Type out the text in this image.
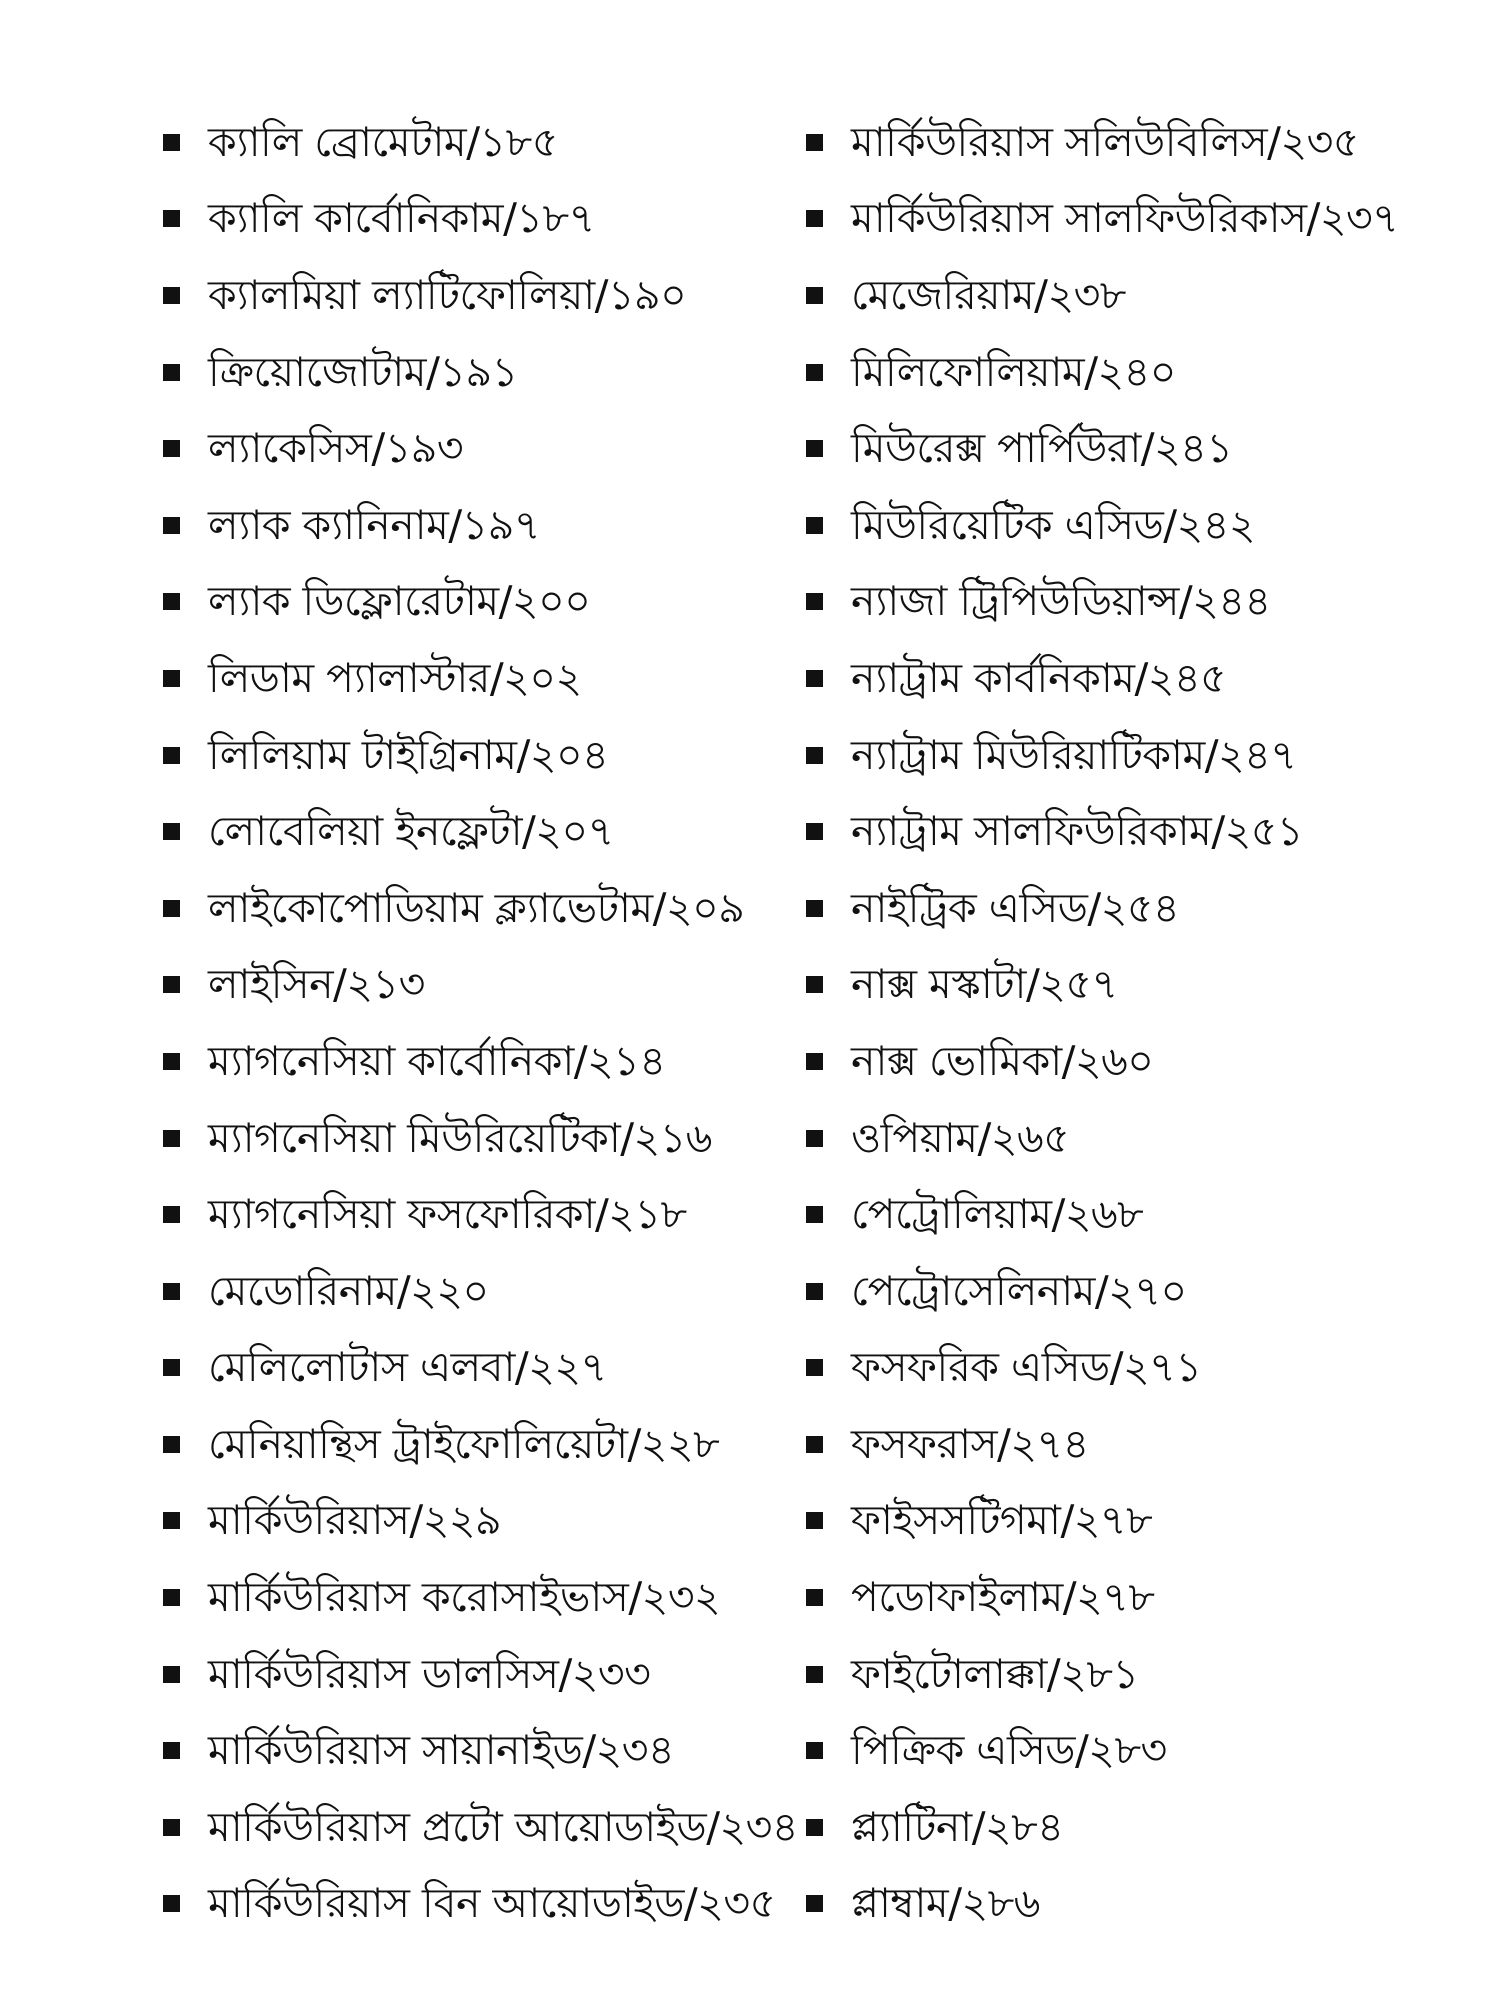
ক্যালি ব্রোমেটাম/১৮৫
ক্যালি কার্বোনিকাম/১৮৭
ক্যালমিয়া ল্যাটিফোলিয়া/১৯০
ক্রিয়োজোটাম/১৯১
ল্যাকেসিস/১৯৩
ল্যাক ক্যানিনাম/১৯৭
ল্যাক ডিফ্লোরেটাম/২০০
লিডাম প্যালাস্টার/২০২
লিলিয়াম টাইগ্রিনাম/২০৪
লোবেলিয়া ইনফ্লেটা/২০৭
লাইকোপোডিয়াম ক্ল্যাভেটাম/২০৯
লাইসিন/২১৩
ম্যাগনেসিয়া কার্বোনিকা/২১৪
ম্যাগনেসিয়া মিউরিয়েটিকা/২১৬
ম্যাগনেসিয়া ফসফোরিকা/২১৮
মেডোরিনাম/২২০
মেলিলোটাস এলবা/২২৭
মেনিয়ান্থিস ট্রাইফোলিয়েটা/২২৮
মার্কিউরিয়াস/২২৯
মার্কিউরিয়াস করোসাইভাস/২৩২
মার্কিউরিয়াস ডালসিস/২৩৩
মার্কিউরিয়াস সায়ানাইড/২৩৪
মার্কিউরিয়াস প্রটো আয়োডাইড/২৩৪
মার্কিউরিয়াস বিন আয়োডাইড/২৩৫
মার্কিউরিয়াস সলিউবিলিস/২৩৫
মার্কিউরিয়াস সালফিউরিকাস/২৩৭
মেজেরিয়াম/২৩৮
মিলিফোলিয়াম/২৪০
মিউরেক্স পার্পিউরা/২৪১
মিউরিয়েটিক এসিড/২৪২
ন্যাজা ট্রিপিউডিয়ান্স/২৪৪
ন্যাট্রাম কার্বনিকাম/২৪৫
ন্যাট্রাম মিউরিয়াটিকাম/২৪৭
ন্যাট্রাম সালফিউরিকাম/২৫১
নাইট্রিক এসিড/২৫৪
নাক্স মস্কাটা/২৫৭
নাক্স ভোমিকা/২৬০
ওপিয়াম/২৬৫
পেট্রোলিয়াম/২৬৮
পেট্রোসেলিনাম/২৭০
ফসফরিক এসিড/২৭১
ফসফরাস/২৭৪
ফাইসসটিগমা/২৭৮
পডোফাইলাম/২৭৮
ফাইটোলাক্কা/২৮১
পিক্রিক এসিড/২৮৩
প্ল্যাটিনা/২৮৪
প্লাম্বাম/২৮৬
